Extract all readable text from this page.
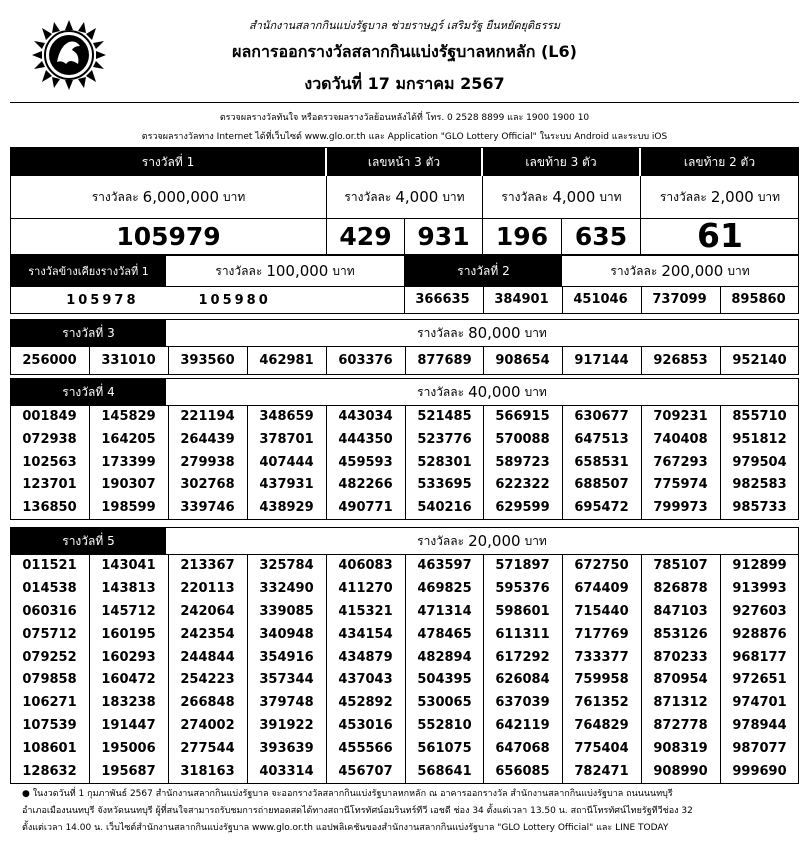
สำนักงานสลากกินแบ่งรัฐบาล ช่วยราษฎร์ เสริมรัฐ ยืนหยัดยุติธรรม
ผลการออกรางวัลสลากกินแบ่งรัฐบาลหกหลัก (L6)
งวดวันที่ 17 มกราคม 2567
ตรวจผลรางวัลทันใจ หรือตรวจผลรางวัลย้อนหลังได้ที่ โทร. 0 2528 8899 และ 1900 1900 10
ตรวจผลรางวัลทาง Internet ได้ที่เว็บไซต์ www.glo.or.th และ Application "GLO Lottery Official" ในระบบ Android และระบบ iOS
รางวัลที่ 1	เลขหน้า 3 ตัว	เลขท้าย 3 ตัว	เลขท้าย 2 ตัว
รางวัลละ 6,000,000 บาท	รางวัลละ 4,000 บาท	รางวัลละ 4,000 บาท	รางวัลละ 2,000 บาท
105979	429	931	196	635	61
รางวัลข้างเคียงรางวัลที่ 1	รางวัลละ 100,000 บาท	รางวัลที่ 2	รางวัลละ 200,000 บาท
105978	105980	366635	384901	451046	737099	895860
รางวัลที่ 3	รางวัลละ 80,000 บาท
รางวัลที่ 4	รางวัลละ 40,000 บาท
รางวัลที่ 5	รางวัลละ 20,000 บาท
● ในงวดวันที่ 1 กุมภาพันธ์ 2567 สำนักงานสลากกินแบ่งรัฐบาล จะออกรางวัลสลากกินแบ่งรัฐบาลหกหลัก ณ อาคารออกรางวัล สำนักงานสลากกินแบ่งรัฐบาล ถนนนนทบุรี
อำเภอเมืองนนทบุรี จังหวัดนนทบุรี ผู้ที่สนใจสามารถรับชมการถ่ายทอดสดได้ทางสถานีโทรทัศน์อมรินทร์ทีวี เอชดี ช่อง 34 ตั้งแต่เวลา 13.50 น. สถานีโทรทัศน์ไทยรัฐทีวีช่อง 32
ตั้งแต่เวลา 14.00 น. เว็บไซต์สำนักงานสลากกินแบ่งรัฐบาล www.glo.or.th แอปพลิเคชันของสำนักงานสลากกินแบ่งรัฐบาล "GLO Lottery Official" และ LINE TODAY
256000	331010	393560	462981	603376	877689	908654	917144	926853	952140
001849	145829	221194	348659	443034	521485	566915	630677	709231	855710
072938	164205	264439	378701	444350	523776	570088	647513	740408	951812
102563	173399	279938	407444	459593	528301	589723	658531	767293	979504
123701	190307	302768	437931	482266	533695	622322	688507	775974	982583
136850	198599	339746	438929	490771	540216	629599	695472	799973	985733
011521	143041	213367	325784	406083	463597	571897	672750	785107	912899
014538	143813	220113	332490	411270	469825	595376	674409	826878	913993
060316	145712	242064	339085	415321	471314	598601	715440	847103	927603
075712	160195	242354	340948	434154	478465	611311	717769	853126	928876
079252	160293	244844	354916	434879	482894	617292	733377	870233	968177
079858	160472	254223	357344	437043	504395	626084	759958	870954	972651
106271	183238	266848	379748	452892	530065	637039	761352	871312	974701
107539	191447	274002	391922	453016	552810	642119	764829	872778	978944
108601	195006	277544	393639	455566	561075	647068	775404	908319	987077
128632	195687	318163	403314	456707	568641	656085	782471	908990	999690
